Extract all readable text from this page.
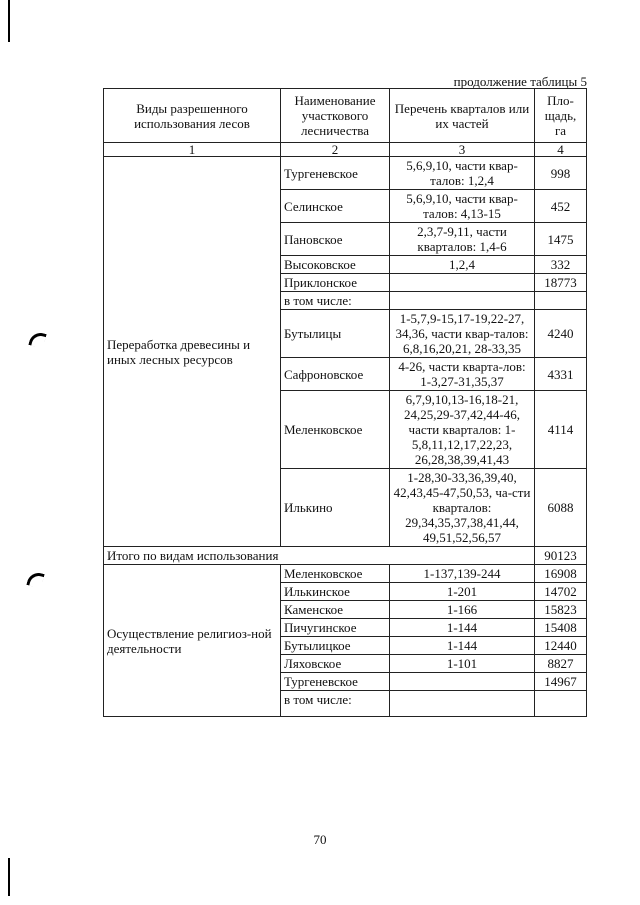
продолжение таблицы 5
Виды разрешенного использования лесов	Наименование участкового лесничества	Перечень кварталов или их частей	Пло-щадь, га
1	2	3	4
Переработка древесины и иных лесных ресурсов	Тургеневское	5,6,9,10, части квар-талов: 1,2,4	998
	Селинское	5,6,9,10, части квар-талов: 4,13-15	452
	Пановское	2,3,7-9,11, части кварталов: 1,4-6	1475
	Высоковское	1,2,4	332
	Приклонское		18773
	в том числе:		
	Бутылицы	1-5,7,9-15,17-19,22-27, 34,36, части квар-талов: 6,8,16,20,21, 28-33,35	4240
	Сафроновское	4-26, части кварта-лов: 1-3,27-31,35,37	4331
	Меленковское	6,7,9,10,13-16,18-21, 24,25,29-37,42,44-46, части кварталов: 1-5,8,11,12,17,22,23, 26,28,38,39,41,43	4114
	Илькино	1-28,30-33,36,39,40, 42,43,45-47,50,53, ча-сти кварталов: 29,34,35,37,38,41,44, 49,51,52,56,57	6088
Итого по видам использования			90123
Осуществление религиоз-ной деятельности	Меленковское	1-137,139-244	16908
	Илькинское	1-201	14702
	Каменское	1-166	15823
	Пичугинское	1-144	15408
	Бутылицкое	1-144	12440
	Ляховское	1-101	8827
	Тургеневское		14967
	в том числе:		
70
